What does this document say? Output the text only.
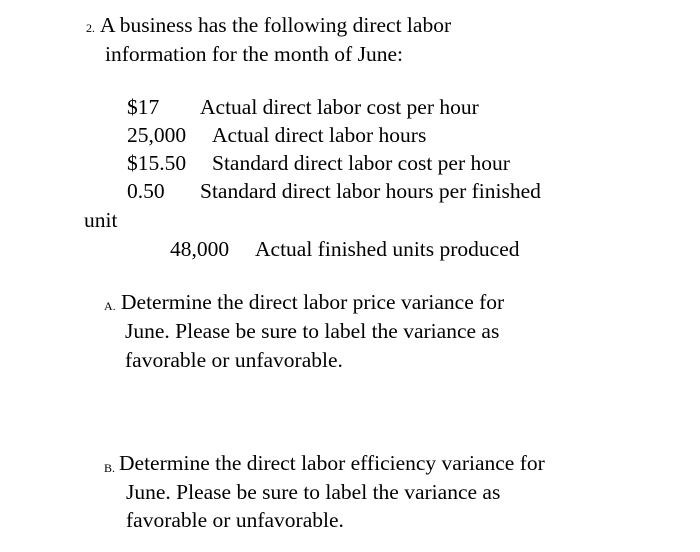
2. A business has the following direct labor
information for the month of June:
$17 Actual direct labor cost per hour
25,000 Actual direct labor hours
$15.50 Standard direct labor cost per hour
0.50 Standard direct labor hours per finished
unit
48,000 Actual finished units produced
A. Determine the direct labor price variance for
June. Please be sure to label the variance as
favorable or unfavorable.
B. Determine the direct labor efficiency variance for
June. Please be sure to label the variance as
favorable or unfavorable.
